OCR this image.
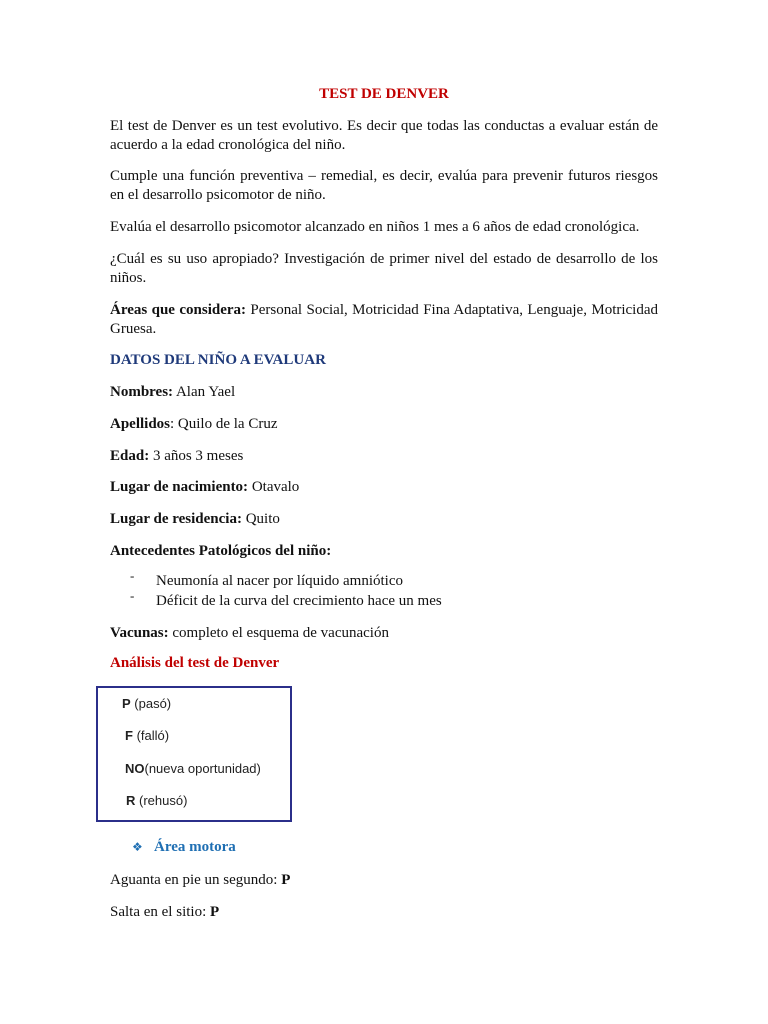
TEST DE DENVER
El test de Denver es un test evolutivo. Es decir que todas las conductas a evaluar están de acuerdo a la edad cronológica del niño.
Cumple una función preventiva – remedial, es decir, evalúa para prevenir futuros riesgos en el desarrollo psicomotor de niño.
Evalúa el desarrollo psicomotor alcanzado en niños 1 mes a 6 años de edad cronológica.
¿Cuál es su uso apropiado? Investigación de primer nivel del estado de desarrollo de los niños.
Áreas que considera: Personal Social, Motricidad Fina Adaptativa, Lenguaje, Motricidad Gruesa.
DATOS DEL NIÑO A EVALUAR
Nombres: Alan Yael
Apellidos: Quilo de la Cruz
Edad: 3 años 3 meses
Lugar de nacimiento: Otavalo
Lugar de residencia: Quito
Antecedentes Patológicos del niño:
- Neumonía al nacer por líquido amniótico
- Déficit de la curva del crecimiento hace un mes
Vacunas: completo el esquema de vacunación
Análisis del test de Denver
P (pasó)
F (falló)
NO(nueva oportunidad)
R (rehusó)
❖ Área motora
Aguanta en pie un segundo: P
Salta en el sitio: P
